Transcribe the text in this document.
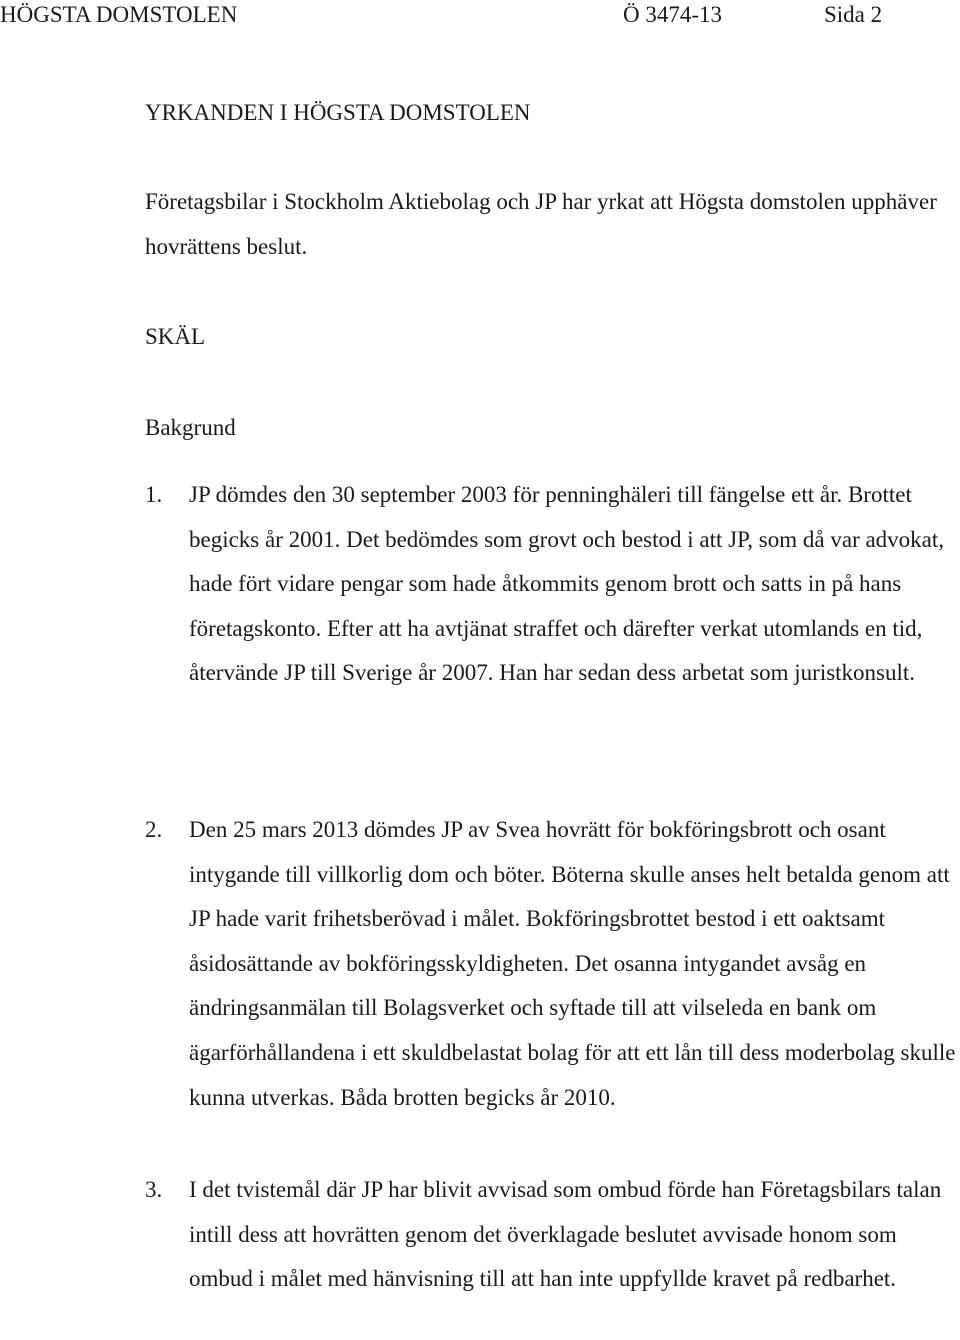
HÖGSTA DOMSTOLEN	Ö 3474-13	Sida 2
YRKANDEN I HÖGSTA DOMSTOLEN
Företagsbilar i Stockholm Aktiebolag och JP har yrkat att Högsta domstolen upphäver hovrättens beslut.
SKÄL
Bakgrund
1.	JP dömdes den 30 september 2003 för penninghäleri till fängelse ett år. Brottet begicks år 2001. Det bedömdes som grovt och bestod i att JP, som då var advokat, hade fört vidare pengar som hade åtkommits genom brott och satts in på hans företagskonto. Efter att ha avtjänat straffet och därefter verkat utomlands en tid, återvände JP till Sverige år 2007. Han har sedan dess arbetat som juristkonsult.
2.	Den 25 mars 2013 dömdes JP av Svea hovrätt för bokföringsbrott och osant intygande till villkorlig dom och böter. Böterna skulle anses helt betalda genom att JP hade varit frihetsberövad i målet. Bokföringsbrottet bestod i ett oaktsamt åsidosättande av bokföringsskyldigheten. Det osanna intygandet avsåg en ändringsanmälan till Bolagsverket och syftade till att vilseleda en bank om ägarförhållandena i ett skuldbelastat bolag för att ett lån till dess moderbolag skulle kunna utverkas. Båda brotten begicks år 2010.
3.	I det tvistemål där JP har blivit avvisad som ombud förde han Företagsbilars talan intill dess att hovrätten genom det överklagade beslutet avvisade honom som ombud i målet med hänvisning till att han inte uppfyllde kravet på redbarhet.
